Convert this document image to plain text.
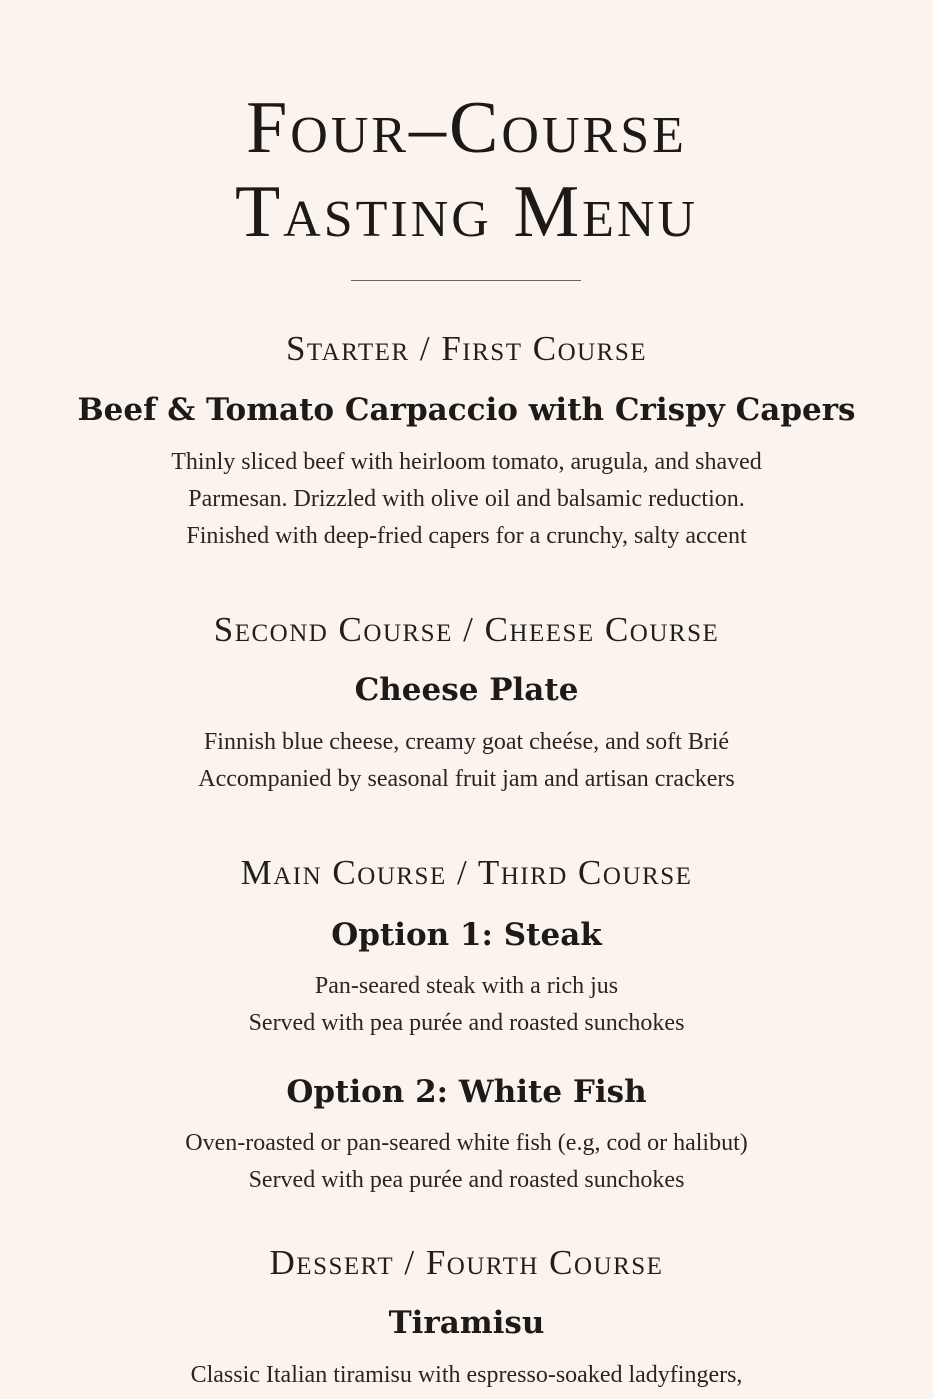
Four–Course
Tasting Menu
Starter / First Course
Beef & Tomato Carpaccio with Crispy Capers

Thinly sliced beef with heirloom tomato, arugula, and shaved
Parmesan. Drizzled with olive oil and balsamic reduction.
Finished with deep-fried capers for a crunchy, salty accent

Second Course / Cheese Course
Cheese Plate

Finnish blue cheese, creamy goat cheése, and soft Brié
Accompanied by seasonal fruit jam and artisan crackers

Main Course / Third Course
Option 1: Steak

Pan-seared steak with a rich jus
Served with pea purée and roasted sunchokes

Option 2: White Fish

Oven-roasted or pan-seared white fish (e.g, cod or halibut)
Served with pea purée and roasted sunchokes

Dessert / Fourth Course
Tiramisu

Classic Italian tiramisu with espresso-soaked ladyfingers,
